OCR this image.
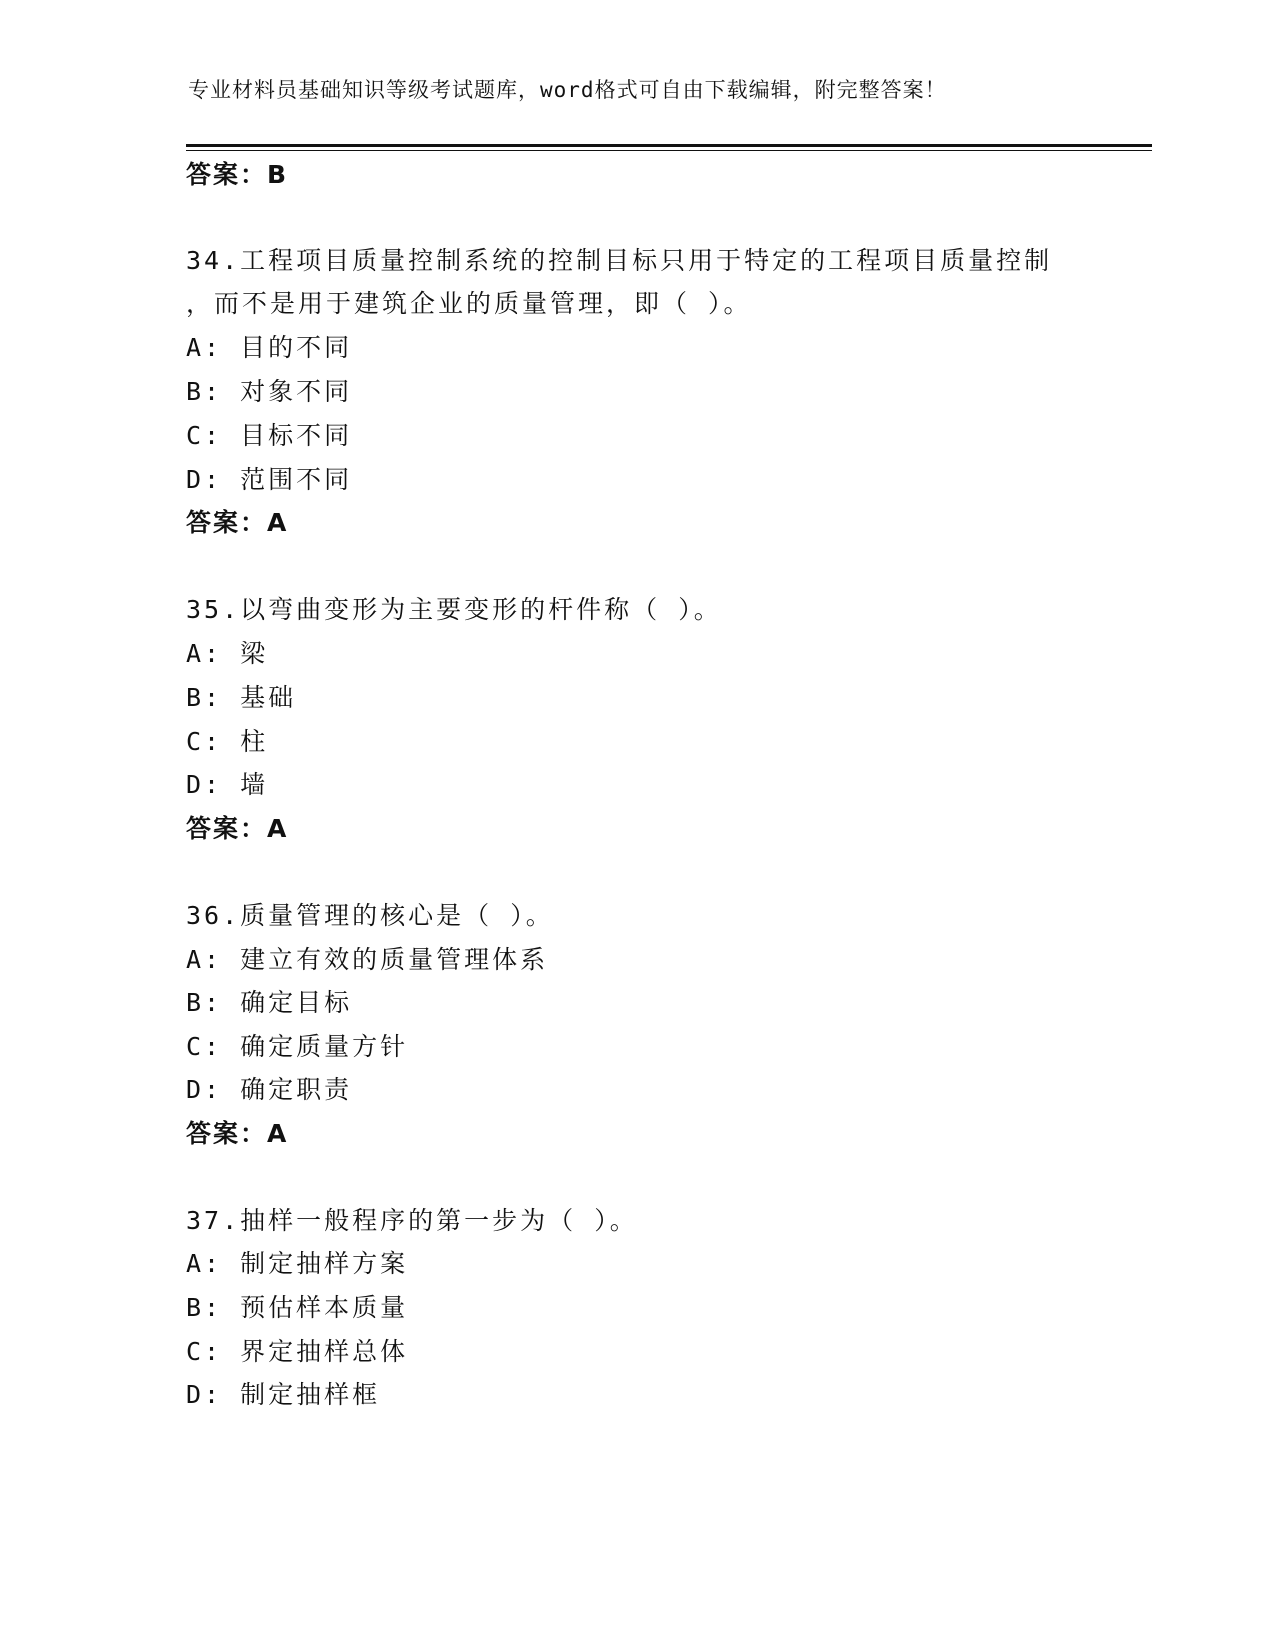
专业材料员基础知识等级考试题库，word格式可自由下载编辑，附完整答案！
答案：B
34.工程项目质量控制系统的控制目标只用于特定的工程项目质量控制
，而不是用于建筑企业的质量管理，即（ ）。
A: 目的不同
B: 对象不同
C: 目标不同
D: 范围不同
答案：A
35.以弯曲变形为主要变形的杆件称（ ）。
A: 梁
B: 基础
C: 柱
D: 墙
答案：A
36.质量管理的核心是（ ）。
A: 建立有效的质量管理体系
B: 确定目标
C: 确定质量方针
D: 确定职责
答案：A
37.抽样一般程序的第一步为（ ）。
A: 制定抽样方案
B: 预估样本质量
C: 界定抽样总体
D: 制定抽样框
